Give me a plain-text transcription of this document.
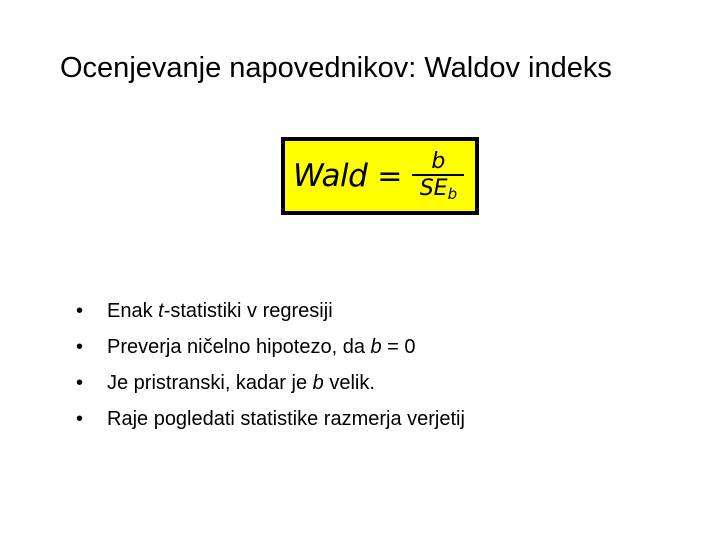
Ocenjevanje napovednikov: Waldov indeks
Wald = $\frac{b}{SE_b}$
•	Enak t-statistiki v regresiji
•	Preverja ničelno hipotezo, da b = 0
•	Je pristranski, kadar je b velik.
•	Raje pogledati statistike razmerja verjetij
